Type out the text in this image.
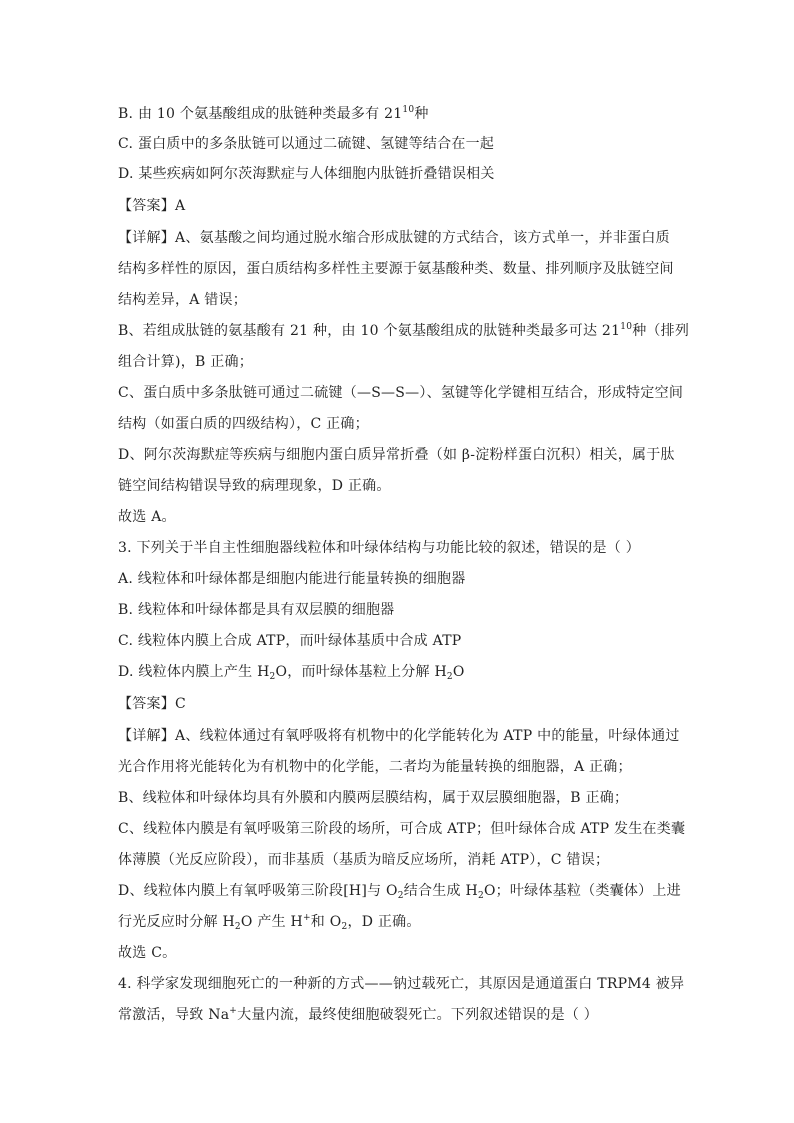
B. 由 10 个氨基酸组成的肽链种类最多有 $21^{10}$种
C. 蛋白质中的多条肽链可以通过二硫键、氢键等结合在一起
D. 某些疾病如阿尔茨海默症与人体细胞内肽链折叠错误相关
【答案】A
【详解】A、氨基酸之间均通过脱水缩合形成肽键的方式结合，该方式单一，并非蛋白质
结构多样性的原因，蛋白质结构多样性主要源于氨基酸种类、数量、排列顺序及肽链空间
结构差异，A 错误；
B、若组成肽链的氨基酸有 21 种，由 10 个氨基酸组成的肽链种类最多可达 $21^{10}$种（排列
组合计算)，B 正确；
C、蛋白质中多条肽链可通过二硫键（—S—S—）、氢键等化学键相互结合，形成特定空间
结构（如蛋白质的四级结构），C 正确；
D、阿尔茨海默症等疾病与细胞内蛋白质异常折叠（如 β-淀粉样蛋白沉积）相关，属于肽
链空间结构错误导致的病理现象，D 正确。
故选 A。
3. 下列关于半自主性细胞器线粒体和叶绿体结构与功能比较的叙述，错误的是（ ）
A. 线粒体和叶绿体都是细胞内能进行能量转换的细胞器
B. 线粒体和叶绿体都是具有双层膜的细胞器
C. 线粒体内膜上合成 ATP，而叶绿体基质中合成 ATP
D. 线粒体内膜上产生 $H_2O$，而叶绿体基粒上分解 $H_2O$
【答案】C
【详解】A、线粒体通过有氧呼吸将有机物中的化学能转化为 ATP 中的能量，叶绿体通过
光合作用将光能转化为有机物中的化学能，二者均为能量转换的细胞器，A 正确；
B、线粒体和叶绿体均具有外膜和内膜两层膜结构，属于双层膜细胞器，B 正确；
C、线粒体内膜是有氧呼吸第三阶段的场所，可合成 ATP；但叶绿体合成 ATP 发生在类囊
体薄膜（光反应阶段），而非基质（基质为暗反应场所，消耗 ATP），C 错误；
D、线粒体内膜上有氧呼吸第三阶段[H]与 $O_2$结合生成 $H_2O$；叶绿体基粒（类囊体）上进
行光反应时分解 $H_2O$ 产生 H+和 $O_2$，D 正确。
故选 C。
4. 科学家发现细胞死亡的一种新的方式——钠过载死亡，其原因是通道蛋白 TRPM4 被异
常激活，导致 Na+大量内流，最终使细胞破裂死亡。下列叙述错误的是（ ）
